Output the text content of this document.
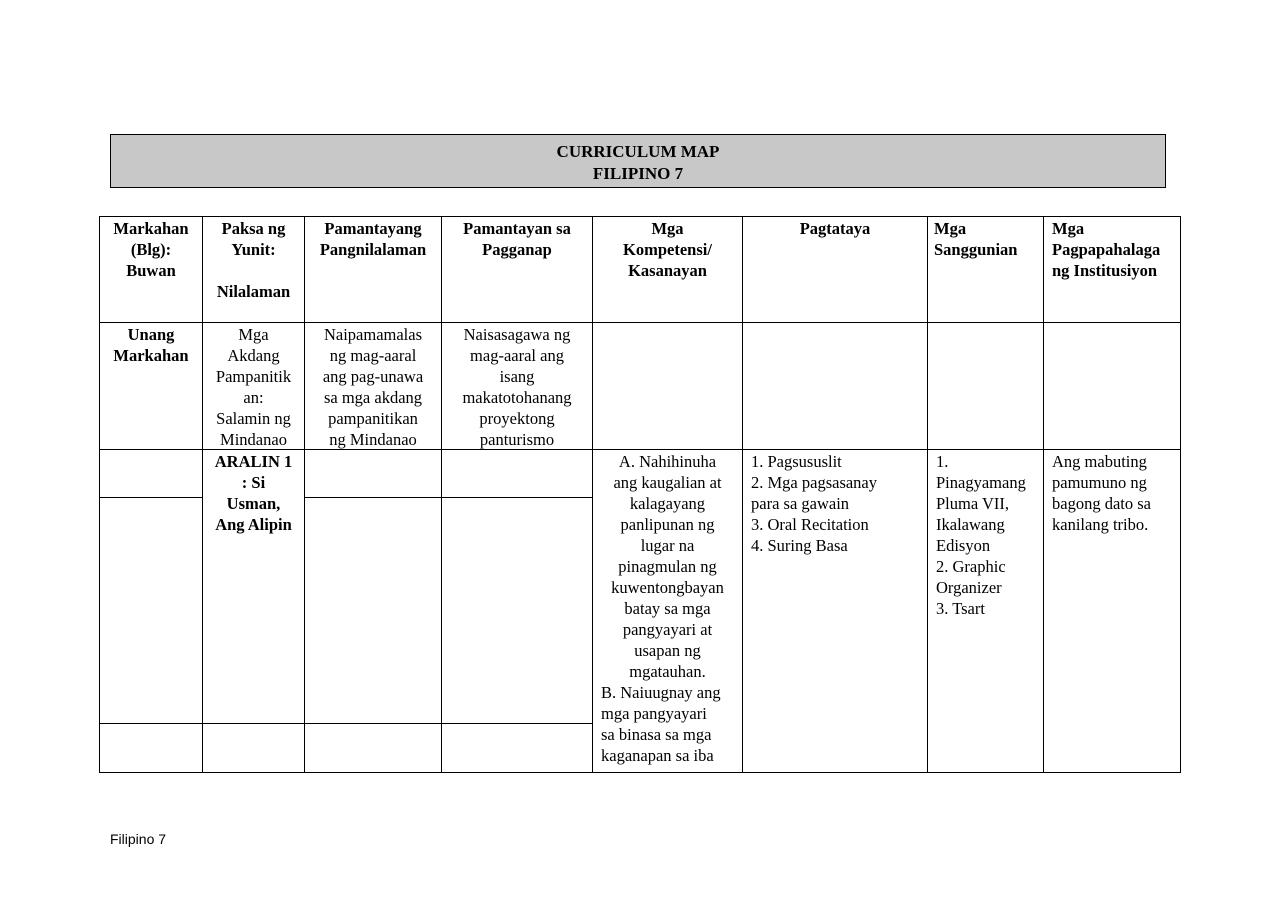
CURRICULUM MAP
FILIPINO 7
Markahan
(Blg):
Buwan
Paksa ng
Yunit:

Nilalaman
Pamantayang
Pangnilalaman
Pamantayan sa
Pagganap
Mga
Kompetensi/
Kasanayan
Pagtataya	Mga
Sanggunian
Mga
Pagpapahalaga
ng Institusiyon
Unang
Markahan
Mga
Akdang
Pampanitik
an:
Salamin ng
Mindanao
Naipamamalas
ng mag-aaral
ang pag-unawa
sa mga akdang
pampanitikan
ng Mindanao
Naisasagawa ng
mag-aaral ang
isang
makatotohanang
proyektong
panturismo
ARALIN 1
: Si
Usman,
Ang Alipin
A. Nahihinuha
ang kaugalian at
kalagayang
panlipunan ng
lugar na
pinagmulan ng
kuwentongbayan
batay sa mga
pangyayari at
usapan ng
mgatauhan.
B. Naiuugnay ang
mga pangyayari
sa binasa sa mga
kaganapan sa iba
1. Pagsususlit
2. Mga pagsasanay
para sa gawain
3. Oral Recitation
4. Suring Basa
1.
Pinagyamang
Pluma VII,
Ikalawang
Edisyon
2. Graphic
Organizer
3. Tsart
Ang mabuting
pamumuno ng
bagong dato sa
kanilang tribo.
Filipino 7
